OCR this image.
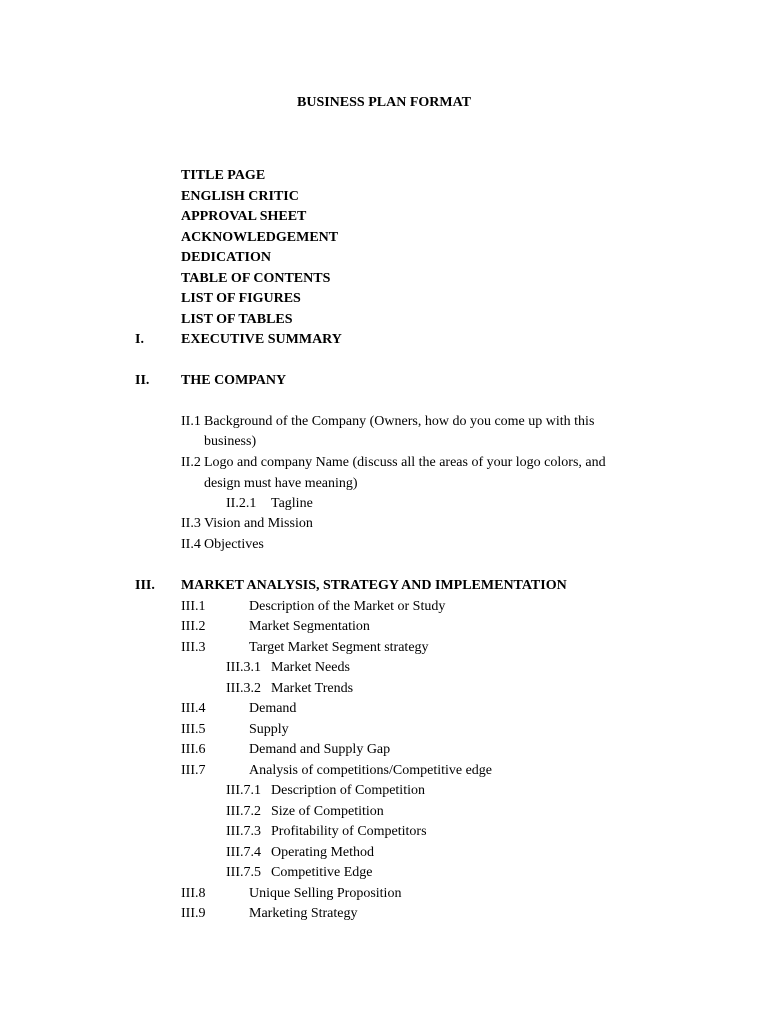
BUSINESS PLAN FORMAT
TITLE PAGE
ENGLISH CRITIC
APPROVAL SHEET
ACKNOWLEDGEMENT
DEDICATION
TABLE OF CONTENTS
LIST OF FIGURES
LIST OF TABLES
I.	EXECUTIVE SUMMARY
II. THE COMPANY
II.1 Background of the Company (Owners, how do you come up with this
business)
II.2 Logo and company Name (discuss all the areas of your logo colors, and
design must have meaning)
II.2.1 Tagline
II.3 Vision and Mission
II.4 Objectives
III. MARKET ANALYSIS, STRATEGY AND IMPLEMENTATION
III.1	Description of the Market or Study
III.2	Market Segmentation
III.3	Target Market Segment strategy
III.3.1 Market Needs
III.3.2 Market Trends
III.4	Demand
III.5	Supply
III.6	Demand and Supply Gap
III.7	Analysis of competitions/Competitive edge
III.7.1 Description of Competition
III.7.2 Size of Competition
III.7.3 Profitability of Competitors
III.7.4 Operating Method
III.7.5 Competitive Edge
III.8	Unique Selling Proposition
III.9	Marketing Strategy
